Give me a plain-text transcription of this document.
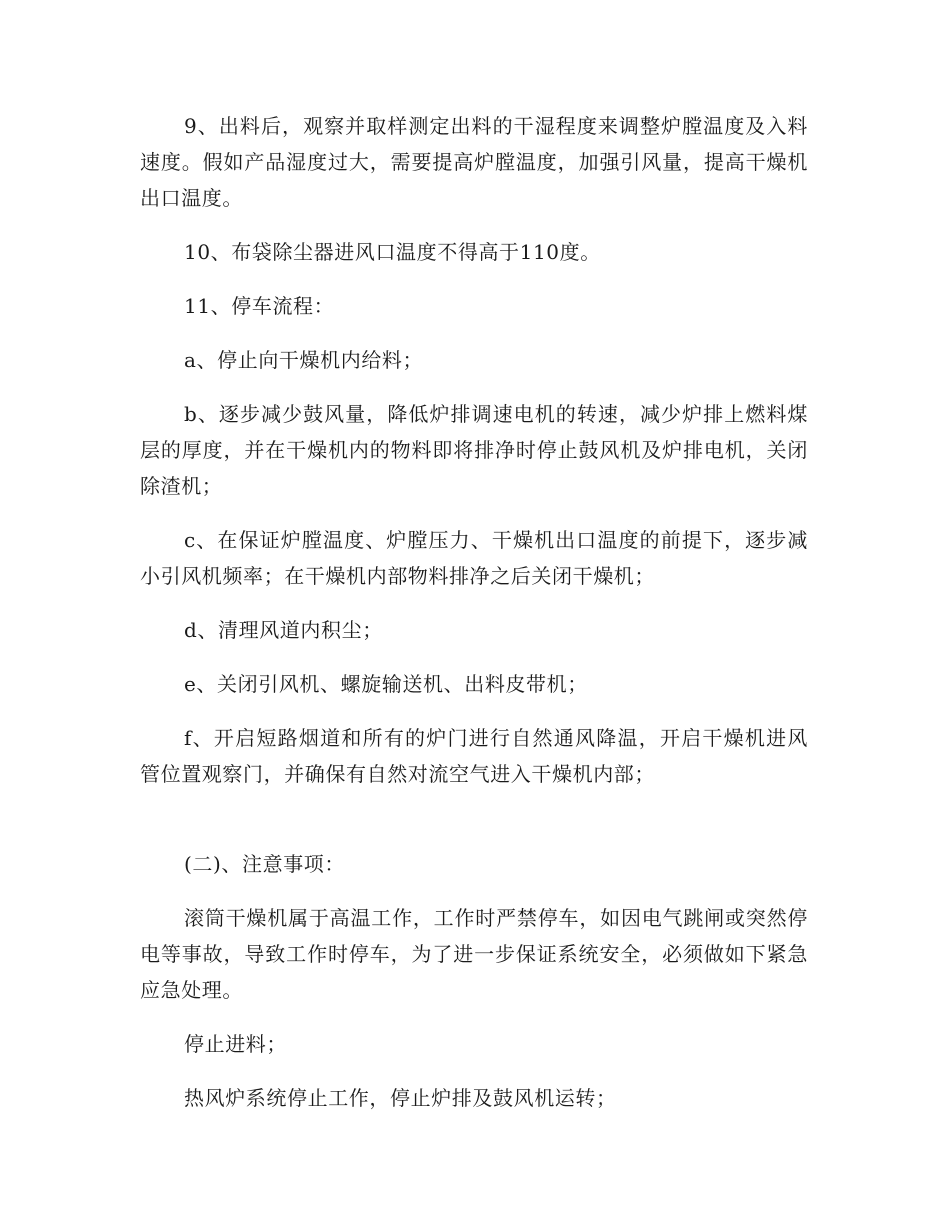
9、出料后，观察并取样测定出料的干湿程度来调整炉膛温度及入料速度。假如产品湿度过大，需要提高炉膛温度，加强引风量，提高干燥机出口温度。

10、布袋除尘器进风口温度不得高于110度。

11、停车流程：

a、停止向干燥机内给料；

b、逐步减少鼓风量，降低炉排调速电机的转速，减少炉排上燃料煤层的厚度，并在干燥机内的物料即将排净时停止鼓风机及炉排电机，关闭除渣机；

c、在保证炉膛温度、炉膛压力、干燥机出口温度的前提下，逐步减小引风机频率；在干燥机内部物料排净之后关闭干燥机；

d、清理风道内积尘；

e、关闭引风机、螺旋输送机、出料皮带机；

f、开启短路烟道和所有的炉门进行自然通风降温，开启干燥机进风管位置观察门，并确保有自然对流空气进入干燥机内部；

(二)、注意事项：

滚筒干燥机属于高温工作，工作时严禁停车，如因电气跳闸或突然停电等事故，导致工作时停车，为了进一步保证系统安全，必须做如下紧急应急处理。

停止进料；

热风炉系统停止工作，停止炉排及鼓风机运转；
